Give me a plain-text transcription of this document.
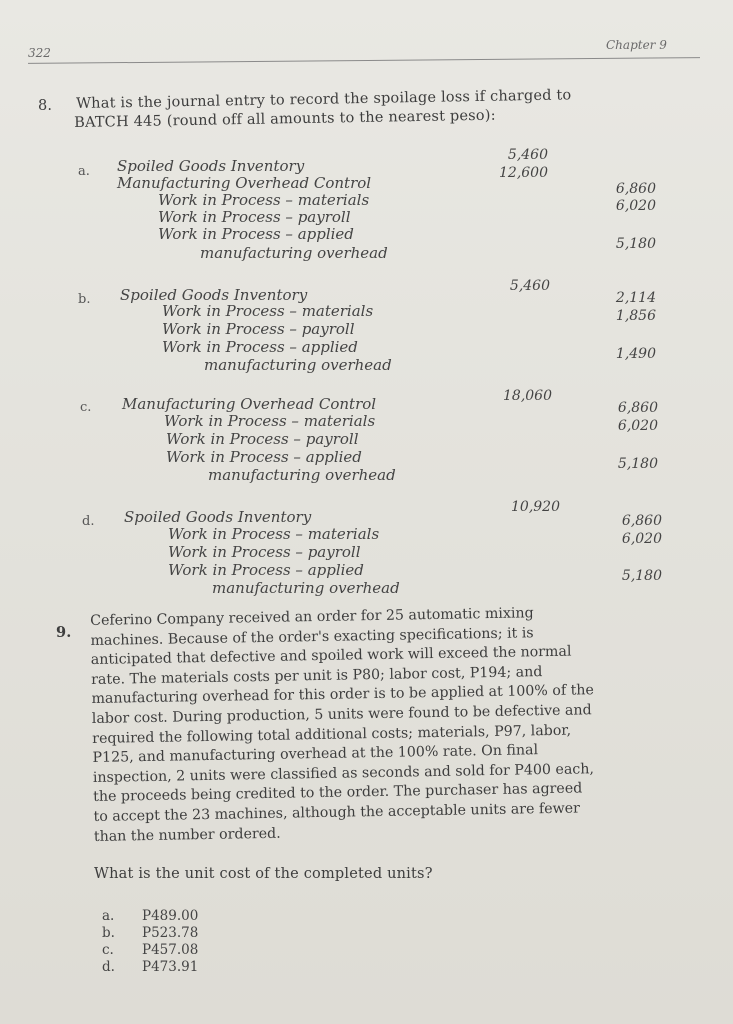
322
Chapter 9
8. What is the journal entry to record the spoilage loss if charged to
BATCH 445 (round off all amounts to the nearest peso):
a. Spoiled Goods Inventory
Manufacturing Overhead Control
Work in Process – materials
Work in Process – payroll
Work in Process – applied
manufacturing overhead
5,460
12,600
6,860
6,020
5,180
b. Spoiled Goods Inventory
Work in Process – materials
Work in Process – payroll
Work in Process – applied
manufacturing overhead
5,460
2,114
1,856
1,490
c. Manufacturing Overhead Control
Work in Process – materials
Work in Process – payroll
Work in Process – applied
manufacturing overhead
18,060
6,860
6,020
5,180
d. Spoiled Goods Inventory
Work in Process – materials
Work in Process – payroll
Work in Process – applied
manufacturing overhead
10,920
6,860
6,020
5,180
9.
Ceferino Company received an order for 25 automatic mixing
machines. Because of the order's exacting specifications; it is
anticipated that defective and spoiled work will exceed the normal
rate. The materials costs per unit is P80; labor cost, P194; and
manufacturing overhead for this order is to be applied at 100% of the
labor cost. During production, 5 units were found to be defective and
required the following total additional costs; materials, P97, labor,
P125, and manufacturing overhead at the 100% rate. On final
inspection, 2 units were classified as seconds and sold for P400 each,
the proceeds being credited to the order. The purchaser has agreed
to accept the 23 machines, although the acceptable units are fewer
than the number ordered.
What is the unit cost of the completed units?
a. P489.00
b. P523.78
c. P457.08
d. P473.91
